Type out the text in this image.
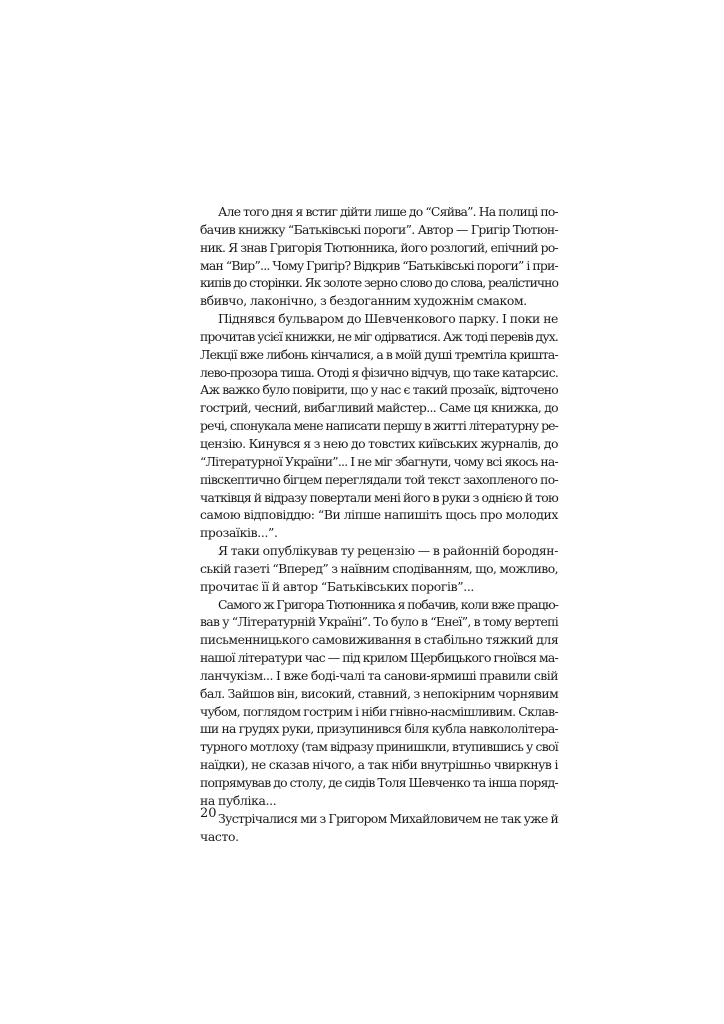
Але того дня я встиг дійти лише до “Сяйва”. На полиці по-
бачив книжку “Батьківські пороги”. Автор — Григір Тютюн-
ник. Я знав Григорія Тютюнника, його розлогий, епічний ро-
ман “Вир”... Чому Григір? Відкрив “Батьківські пороги” і при-
кипів до сторінки. Як золоте зерно слово до слова, реалістично
вбивчо, лаконічно, з бездоганним художнім смаком.
Піднявся бульваром до Шевченкового парку. І поки не
прочитав усієї книжки, не міг одірватися. Аж тоді перевів дух.
Лекції вже либонь кінчалися, а в моїй душі тремтіла кришта-
лево-прозора тиша. Отоді я фізично відчув, що таке катарсис.
Аж важко було повірити, що у нас є такий прозаїк, відточено
гострий, чесний, вибагливий майстер... Саме ця книжка, до
речі, спонукала мене написати першу в житті літературну ре-
цензію. Кинувся я з нею до товстих київських журналів, до
“Літературної України”... І не міг збагнути, чому всі якось на-
півскептично бігцем переглядали той текст захопленого по-
чатківця й відразу повертали мені його в руки з однією й тою
самою відповіддю: “Ви ліпше напишіть щось про молодих
прозаїків...”.
Я таки опублікував ту рецензію — в районній бородян-
ській газеті “Вперед” з наївним сподіванням, що, можливо,
прочитає її й автор “Батьківських порогів”...
Самого ж Григора Тютюнника я побачив, коли вже працю-
вав у “Літературній Україні”. То було в “Енеї”, в тому вертепі
письменницького самовиживання в стабільно тяжкий для
нашої літератури час — під крилом Щербицького гноївся ма-
ланчукізм... І вже боді-чалі та санови-ярмиші правили свій
бал. Зайшов він, високий, ставний, з непокірним чорнявим
чубом, поглядом гострим і ніби гнівно-насмішливим. Склав-
ши на грудях руки, призупинився біля кубла навкололіт​ера-
турного мотлоху (там відразу принишкли, втупившись у свої
наїдки), не сказав нічого, а так ніби внутрішньо чвиркнув і
попрямував до столу, де сидів Толя Шевченко та інша поряд-
на публіка...
Зустрічалися ми з Григором Михайловичем не так уже й
часто.
20
